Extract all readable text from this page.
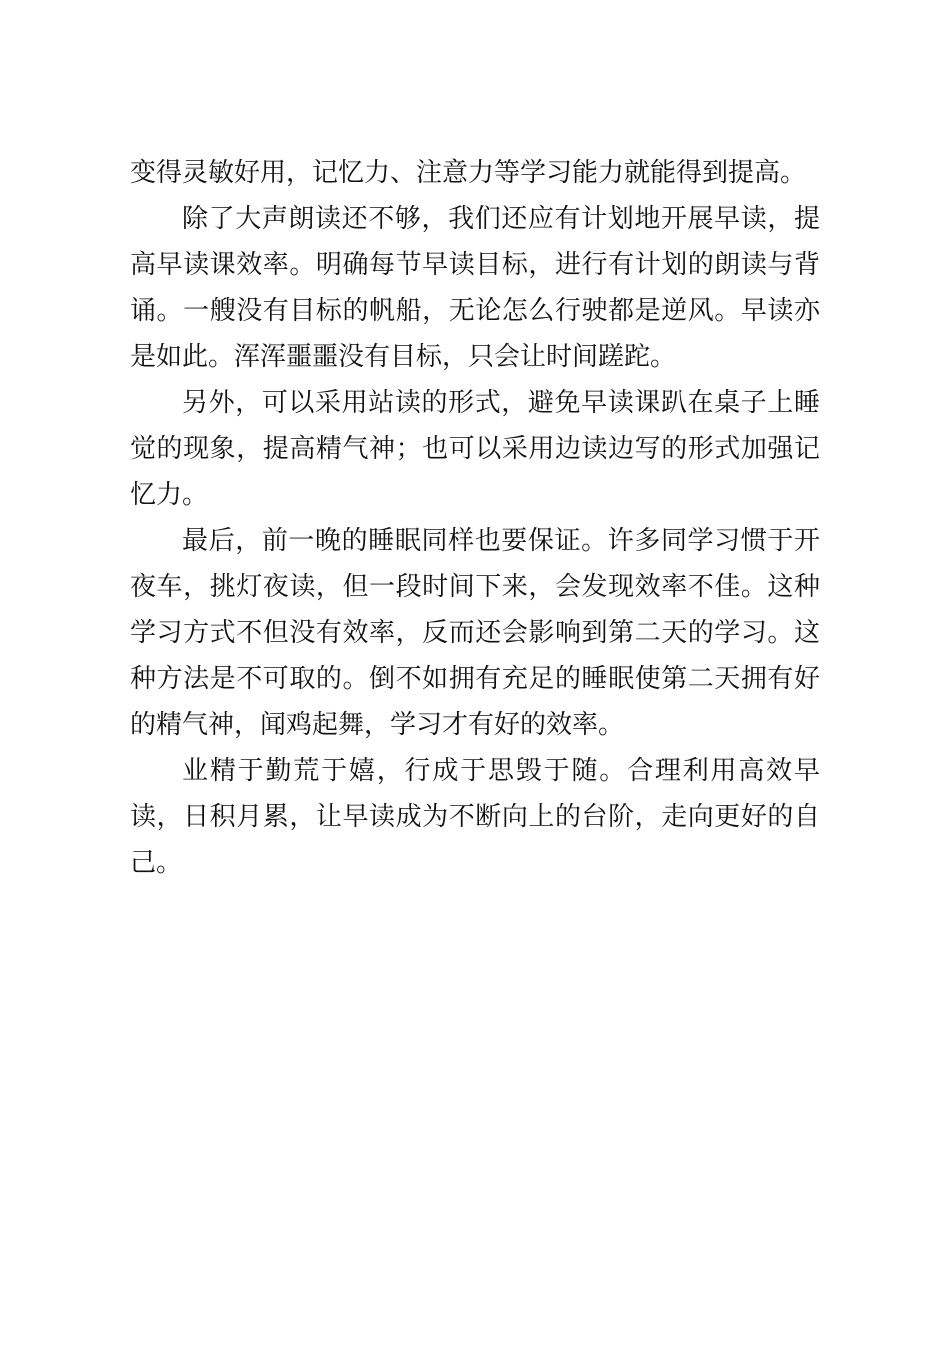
变得灵敏好用，记忆力、注意力等学习能力就能得到提高。

除了大声朗读还不够，我们还应有计划地开展早读，提高早读课效率。明确每节早读目标，进行有计划的朗读与背诵。一艘没有目标的帆船，无论怎么行驶都是逆风。早读亦是如此。浑浑噩噩没有目标，只会让时间蹉跎。

另外，可以采用站读的形式，避免早读课趴在桌子上睡觉的现象，提高精气神；也可以采用边读边写的形式加强记忆力。

最后，前一晚的睡眠同样也要保证。许多同学习惯于开夜车，挑灯夜读，但一段时间下来，会发现效率不佳。这种学习方式不但没有效率，反而还会影响到第二天的学习。这种方法是不可取的。倒不如拥有充足的睡眠使第二天拥有好的精气神，闻鸡起舞，学习才有好的效率。

业精于勤荒于嬉，行成于思毁于随。合理利用高效早读，日积月累，让早读成为不断向上的台阶，走向更好的自己。
